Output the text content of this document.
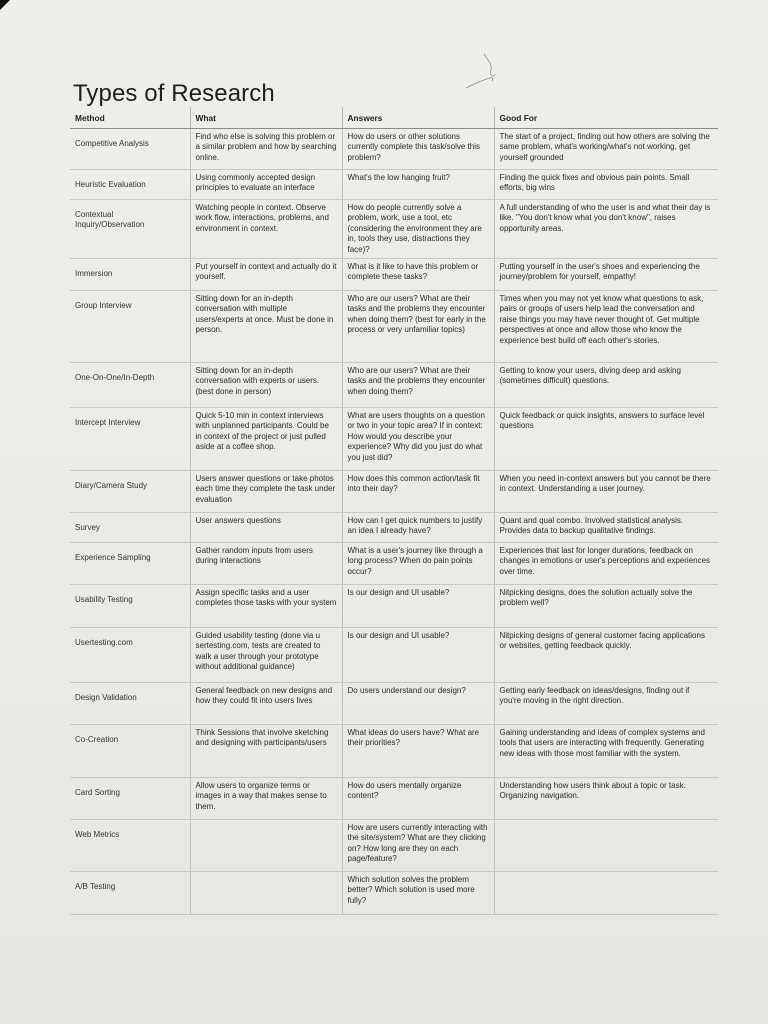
Types of Research
Method	What	Answers	Good For
Competitive Analysis	Find who else is solving this problem or a similar problem and how by searching online.	How do users or other solutions currently complete this task/solve this problem?	The start of a project, finding out how others are solving the same problem, what's working/what's not working, get yourself grounded
Heuristic Evaluation	Using commonly accepted design principles to evaluate an interface	What's the low hanging fruit?	Finding the quick fixes and obvious pain points. Small efforts, big wins
Contextual Inquiry/Observation	Watching people in context. Observe work flow, interactions, problems, and environment in context.	How do people currently solve a problem, work, use a tool, etc (considering the environment they are in, tools they use, distractions they face)?	A full understanding of who the user is and what their day is like. "You don't know what you don't know", raises opportunity areas.
Immersion	Put yourself in context and actually do it yourself.	What is it like to have this problem or complete these tasks?	Putting yourself in the user's shoes and experiencing the journey/problem for yourself, empathy!
Group Interview	Sitting down for an in-depth conversation with multiple users/experts at once. Must be done in person.	Who are our users? What are their tasks and the problems they encounter when doing them? (best for early in the process or very unfamiliar topics)	Times when you may not yet know what questions to ask, pairs or groups of users help lead the conversation and raise things you may have never thought of. Get multiple perspectives at once and allow those who know the experience best build off each other's stories.
One-On-One/In-Depth	Sitting down for an in-depth conversation with experts or users. (best done in person)	Who are our users? What are their tasks and the problems they encounter when doing them?	Getting to know your users, diving deep and asking (sometimes difficult) questions.
Intercept Interview	Quick 5-10 min in context interviews with unplanned participants. Could be in context of the project or just pulled aside at a coffee shop.	What are users thoughts on a question or two in your topic area? If in context: How would you describe your experience? Why did you just do what you just did?	Quick feedback or quick insights, answers to surface level questions
Diary/Camera Study	Users answer questions or take photos each time they complete the task under evaluation	How does this common action/task fit into their day?	When you need in-context answers but you cannot be there in context. Understanding a user journey.
Survey	User answers questions	How can I get quick numbers to justify an idea I already have?	Quant and qual combo. Involved statistical analysis. Provides data to backup qualitative findings.
Experience Sampling	Gather random inputs from users during interactions	What is a user's journey like through a long process? When do pain points occur?	Experiences that last for longer durations, feedback on changes in emotions or user's perceptions and experiences over time.
Usability Testing	Assign specific tasks and a user completes those tasks with your system	Is our design and UI usable?	Nitpicking designs, does the solution actually solve the problem well?
Usertesting.com	Guided usability testing (done via u sertesting.com, tests are created to walk a user through your prototype without additional guidance)	Is our design and UI usable?	Nitpicking designs of general customer facing applications or websites, getting feedback quickly.
Design Validation	General feedback on new designs and how they could fit into users lives	Do users understand our design?	Getting early feedback on ideas/designs, finding out if you're moving in the right direction.
Co-Creation	Think Sessions that involve sketching and designing with participants/users	What ideas do users have? What are their priorities?	Gaining understanding and ideas of complex systems and tools that users are interacting with frequently. Generating new ideas with those most familiar with the system.
Card Sorting	Allow users to organize terms or images in a way that makes sense to them.	How do users mentally organize content?	Understanding how users think about a topic or task. Organizing navigation.
Web Metrics		How are users currently interacting with the site/system? What are they clicking on? How long are they on each page/feature?	
A/B Testing		Which solution solves the problem better? Which solution is used more fully?	
